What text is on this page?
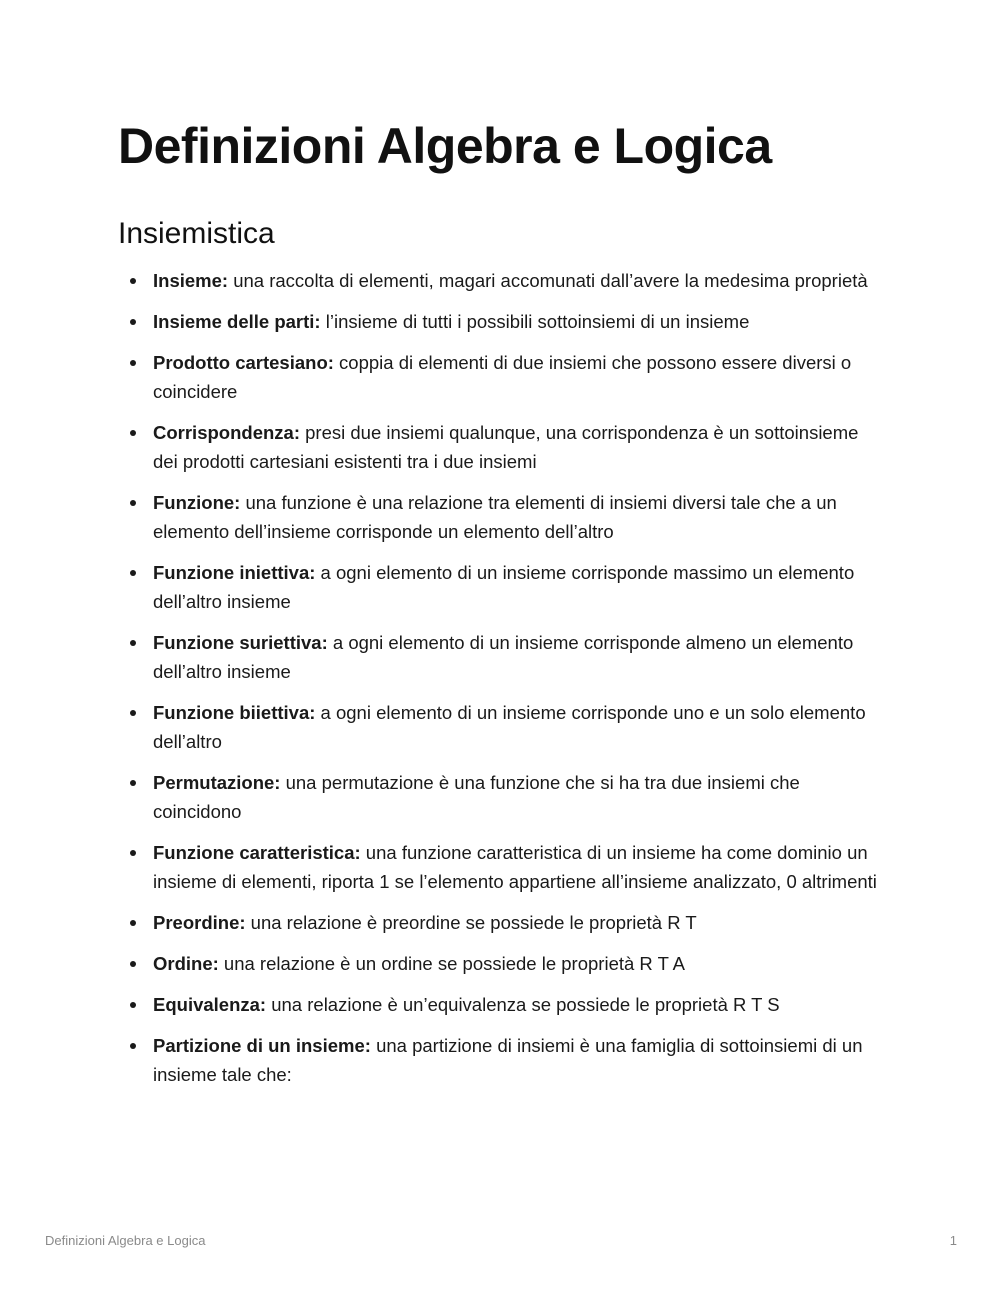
Definizioni Algebra e Logica
Insiemistica
Insieme: una raccolta di elementi, magari accomunati dall’avere la medesima proprietà
Insieme delle parti: l’insieme di tutti i possibili sottoinsiemi di un insieme
Prodotto cartesiano: coppia di elementi di due insiemi che possono essere diversi o coincidere
Corrispondenza: presi due insiemi qualunque, una corrispondenza è un sottoinsieme dei prodotti cartesiani esistenti tra i due insiemi
Funzione: una funzione è una relazione tra elementi di insiemi diversi tale che a un elemento dell’insieme corrisponde un elemento dell’altro
Funzione iniettiva: a ogni elemento di un insieme corrisponde massimo un elemento dell’altro insieme
Funzione suriettiva: a ogni elemento di un insieme corrisponde almeno un elemento dell’altro insieme
Funzione biiettiva: a ogni elemento di un insieme corrisponde uno e un solo elemento dell’altro
Permutazione: una permutazione è una funzione che si ha tra due insiemi che coincidono
Funzione caratteristica: una funzione caratteristica di un insieme ha come dominio un insieme di elementi, riporta 1 se l’elemento appartiene all’insieme analizzato, 0 altrimenti
Preordine: una relazione è preordine se possiede le proprietà R T
Ordine: una relazione è un ordine se possiede le proprietà R T A
Equivalenza: una relazione è un’equivalenza se possiede le proprietà R T S
Partizione di un insieme: una partizione di insiemi è una famiglia di sottoinsiemi di un insieme tale che:
Definizioni Algebra e Logica	1
